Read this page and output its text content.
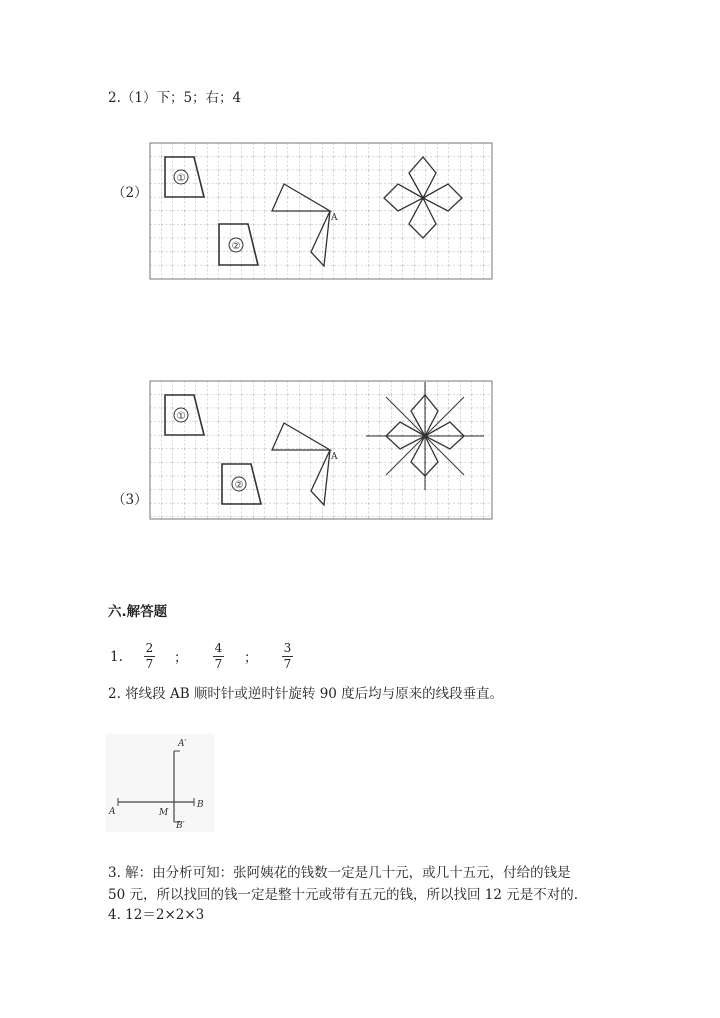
2.（1）下；5；右；4
（2）
①
②
A
①
②
A
（3）
六.解答题
1.
2
7 ；
4
7 ；
3
7
2. 将线段 AB 顺时针或逆时针旋转 90 度后均与原来的线段垂直。
A′
A	M
B
B′
3. 解：由分析可知：张阿姨花的钱数一定是几十元，或几十五元，付给的钱是
50 元，所以找回的钱一定是整十元或带有五元的钱，所以找回 12 元是不对的.
4. 12＝2×2×3
